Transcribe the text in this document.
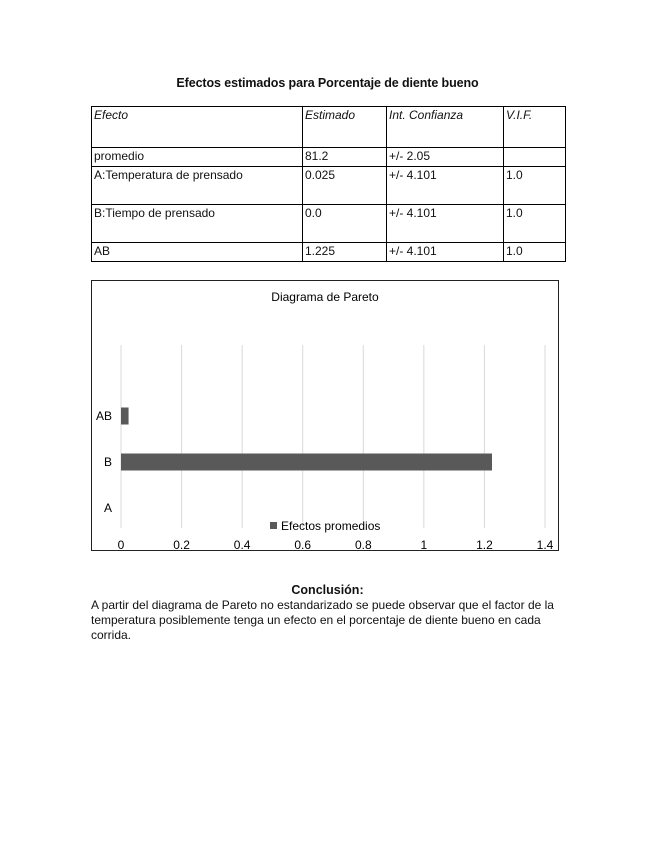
Efectos estimados para Porcentaje de diente bueno
Efecto	Estimado	Int. Confianza	V.I.F.
promedio	81.2	+/- 2.05	
A:Temperatura de prensado	0.025	+/- 4.101	1.0
B:Tiempo de prensado	0.0	+/- 4.101	1.0
AB	1.225	+/- 4.101	1.0
Diagrama de Pareto
A
B
AB
Efectos promedios
0	0.2	0.4	0.6	0.8	1	1.2	1.4
Conclusión:
A partir del diagrama de Pareto no estandarizado se puede observar que el factor de la temperatura posiblemente tenga un efecto en el porcentaje de diente bueno en cada corrida.
